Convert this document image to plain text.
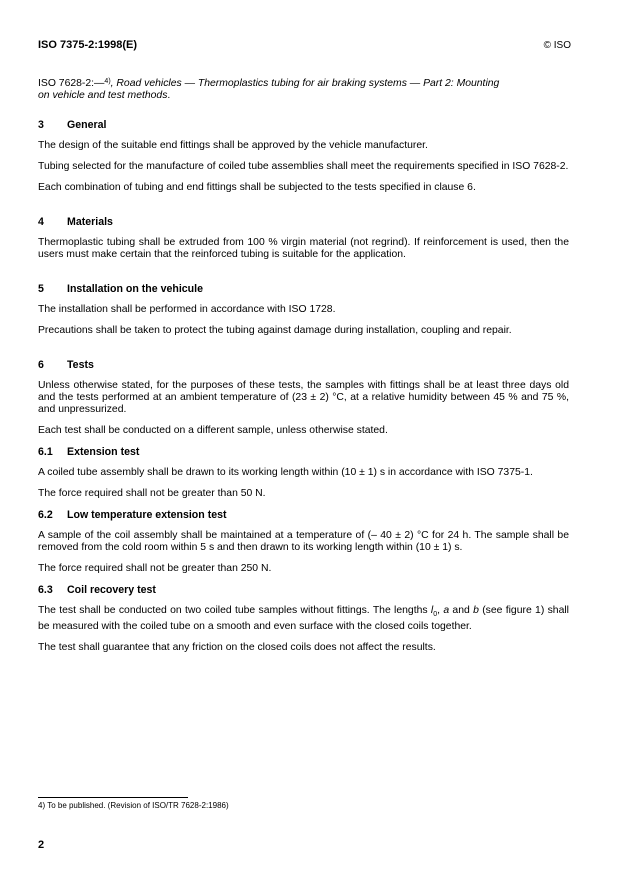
ISO 7375-2:1998(E)	© ISO

ISO 7628-2:—$^{4)}$, Road vehicles — Thermoplastics tubing for air braking systems — Part 2: Mounting
on vehicle and test methods.

3	General

The design of the suitable end fittings shall be approved by the vehicle manufacturer.

Tubing selected for the manufacture of coiled tube assemblies shall meet the requirements specified in ISO 7628-2.

Each combination of tubing and end fittings shall be subjected to the tests specified in clause 6.

4	Materials

Thermoplastic tubing shall be extruded from 100 % virgin material (not regrind). If reinforcement is used, then the users must make certain that the reinforced tubing is suitable for the application.

5	Installation on the vehicule

The installation shall be performed in accordance with ISO 1728.

Precautions shall be taken to protect the tubing against damage during installation, coupling and repair.

6	Tests

Unless otherwise stated, for the purposes of these tests, the samples with fittings shall be at least three days old and the tests performed at an ambient temperature of (23 ± 2) °C, at a relative humidity between 45 % and 75 %, and unpressurized.

Each test shall be conducted on a different sample, unless otherwise stated.

6.1	Extension test

A coiled tube assembly shall be drawn to its working length within (10 ± 1) s in accordance with ISO 7375-1.

The force required shall not be greater than 50 N.

6.2	Low temperature extension test

A sample of the coil assembly shall be maintained at a temperature of (– 40 ± 2) °C for 24 h. The sample shall be removed from the cold room within 5 s and then drawn to its working length within (10 ± 1) s.

The force required shall not be greater than 250 N.

6.3	Coil recovery test

The test shall be conducted on two coiled tube samples without fittings. The lengths $l_0$, a and b (see figure 1) shall be measured with the coiled tube on a smooth and even surface with the closed coils together.

The test shall guarantee that any friction on the closed coils does not affect the results.

4) To be published. (Revision of ISO/TR 7628-2:1986)
2
